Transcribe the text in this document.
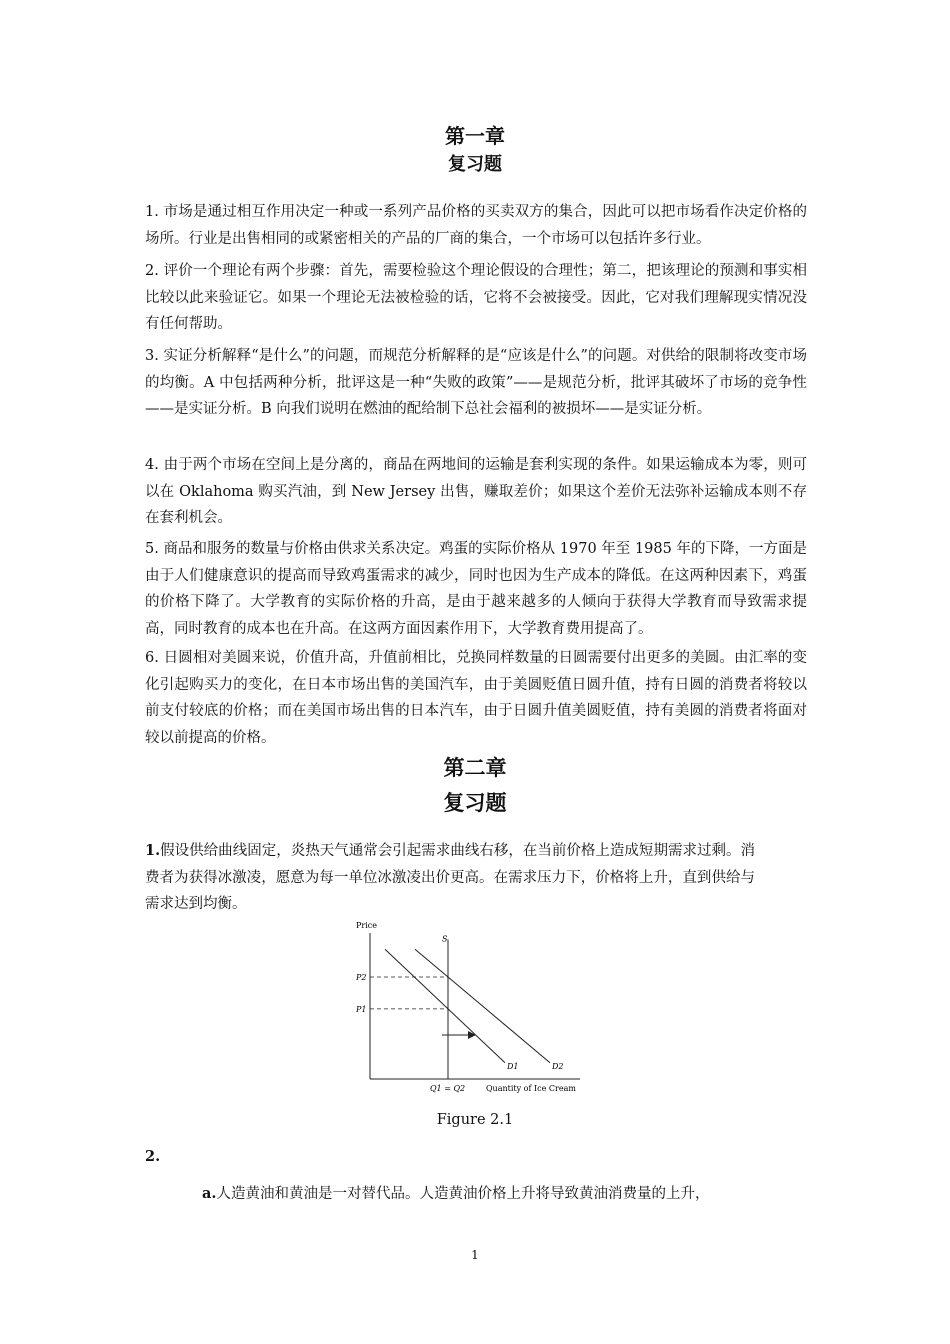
第一章
复习题

1. 市场是通过相互作用决定一种或一系列产品价格的买卖双方的集合，因此可以把市场看作决定价格的场所。行业是出售相同的或紧密相关的产品的厂商的集合，一个市场可以包括许多行业。

2. 评价一个理论有两个步骤：首先，需要检验这个理论假设的合理性；第二，把该理论的预测和事实相比较以此来验证它。如果一个理论无法被检验的话，它将不会被接受。因此，它对我们理解现实情况没有任何帮助。

3. 实证分析解释“是什么”的问题，而规范分析解释的是“应该是什么”的问题。对供给的限制将改变市场的均衡。A 中包括两种分析，批评这是一种“失败的政策”——是规范分析，批评其破坏了市场的竞争性——是实证分析。B 向我们说明在燃油的配给制下总社会福利的被损坏——是实证分析。

4. 由于两个市场在空间上是分离的，商品在两地间的运输是套利实现的条件。如果运输成本为零，则可以在 Oklahoma 购买汽油，到 New Jersey 出售，赚取差价；如果这个差价无法弥补运输成本则不存在套利机会。

5. 商品和服务的数量与价格由供求关系决定。鸡蛋的实际价格从 1970 年至 1985 年的下降，一方面是由于人们健康意识的提高而导致鸡蛋需求的减少，同时也因为生产成本的降低。在这两种因素下，鸡蛋的价格下降了。大学教育的实际价格的升高，是由于越来越多的人倾向于获得大学教育而导致需求提高，同时教育的成本也在升高。在这两方面因素作用下，大学教育费用提高了。

6. 日圆相对美圆来说，价值升高，升值前相比，兑换同样数量的日圆需要付出更多的美圆。由汇率的变化引起购买力的变化，在日本市场出售的美国汽车，由于美圆贬值日圆升值，持有日圆的消费者将较以前支付较底的价格；而在美国市场出售的日本汽车，由于日圆升值美圆贬值，持有美圆的消费者将面对较以前提高的价格。

第二章
复习题

1.假设供给曲线固定，炎热天气通常会引起需求曲线右移，在当前价格上造成短期需求过剩。消费者为获得冰激凌，愿意为每一单位冰激凌出价更高。在需求压力下，价格将上升，直到供给与需求达到均衡。

Price
Quantity of Ice Cream
S
D1	D2
P2
P1
Q1 = Q2
Figure 2.1
2.

a.人造黄油和黄油是一对替代品。人造黄油价格上升将导致黄油消费量的上升，

1
